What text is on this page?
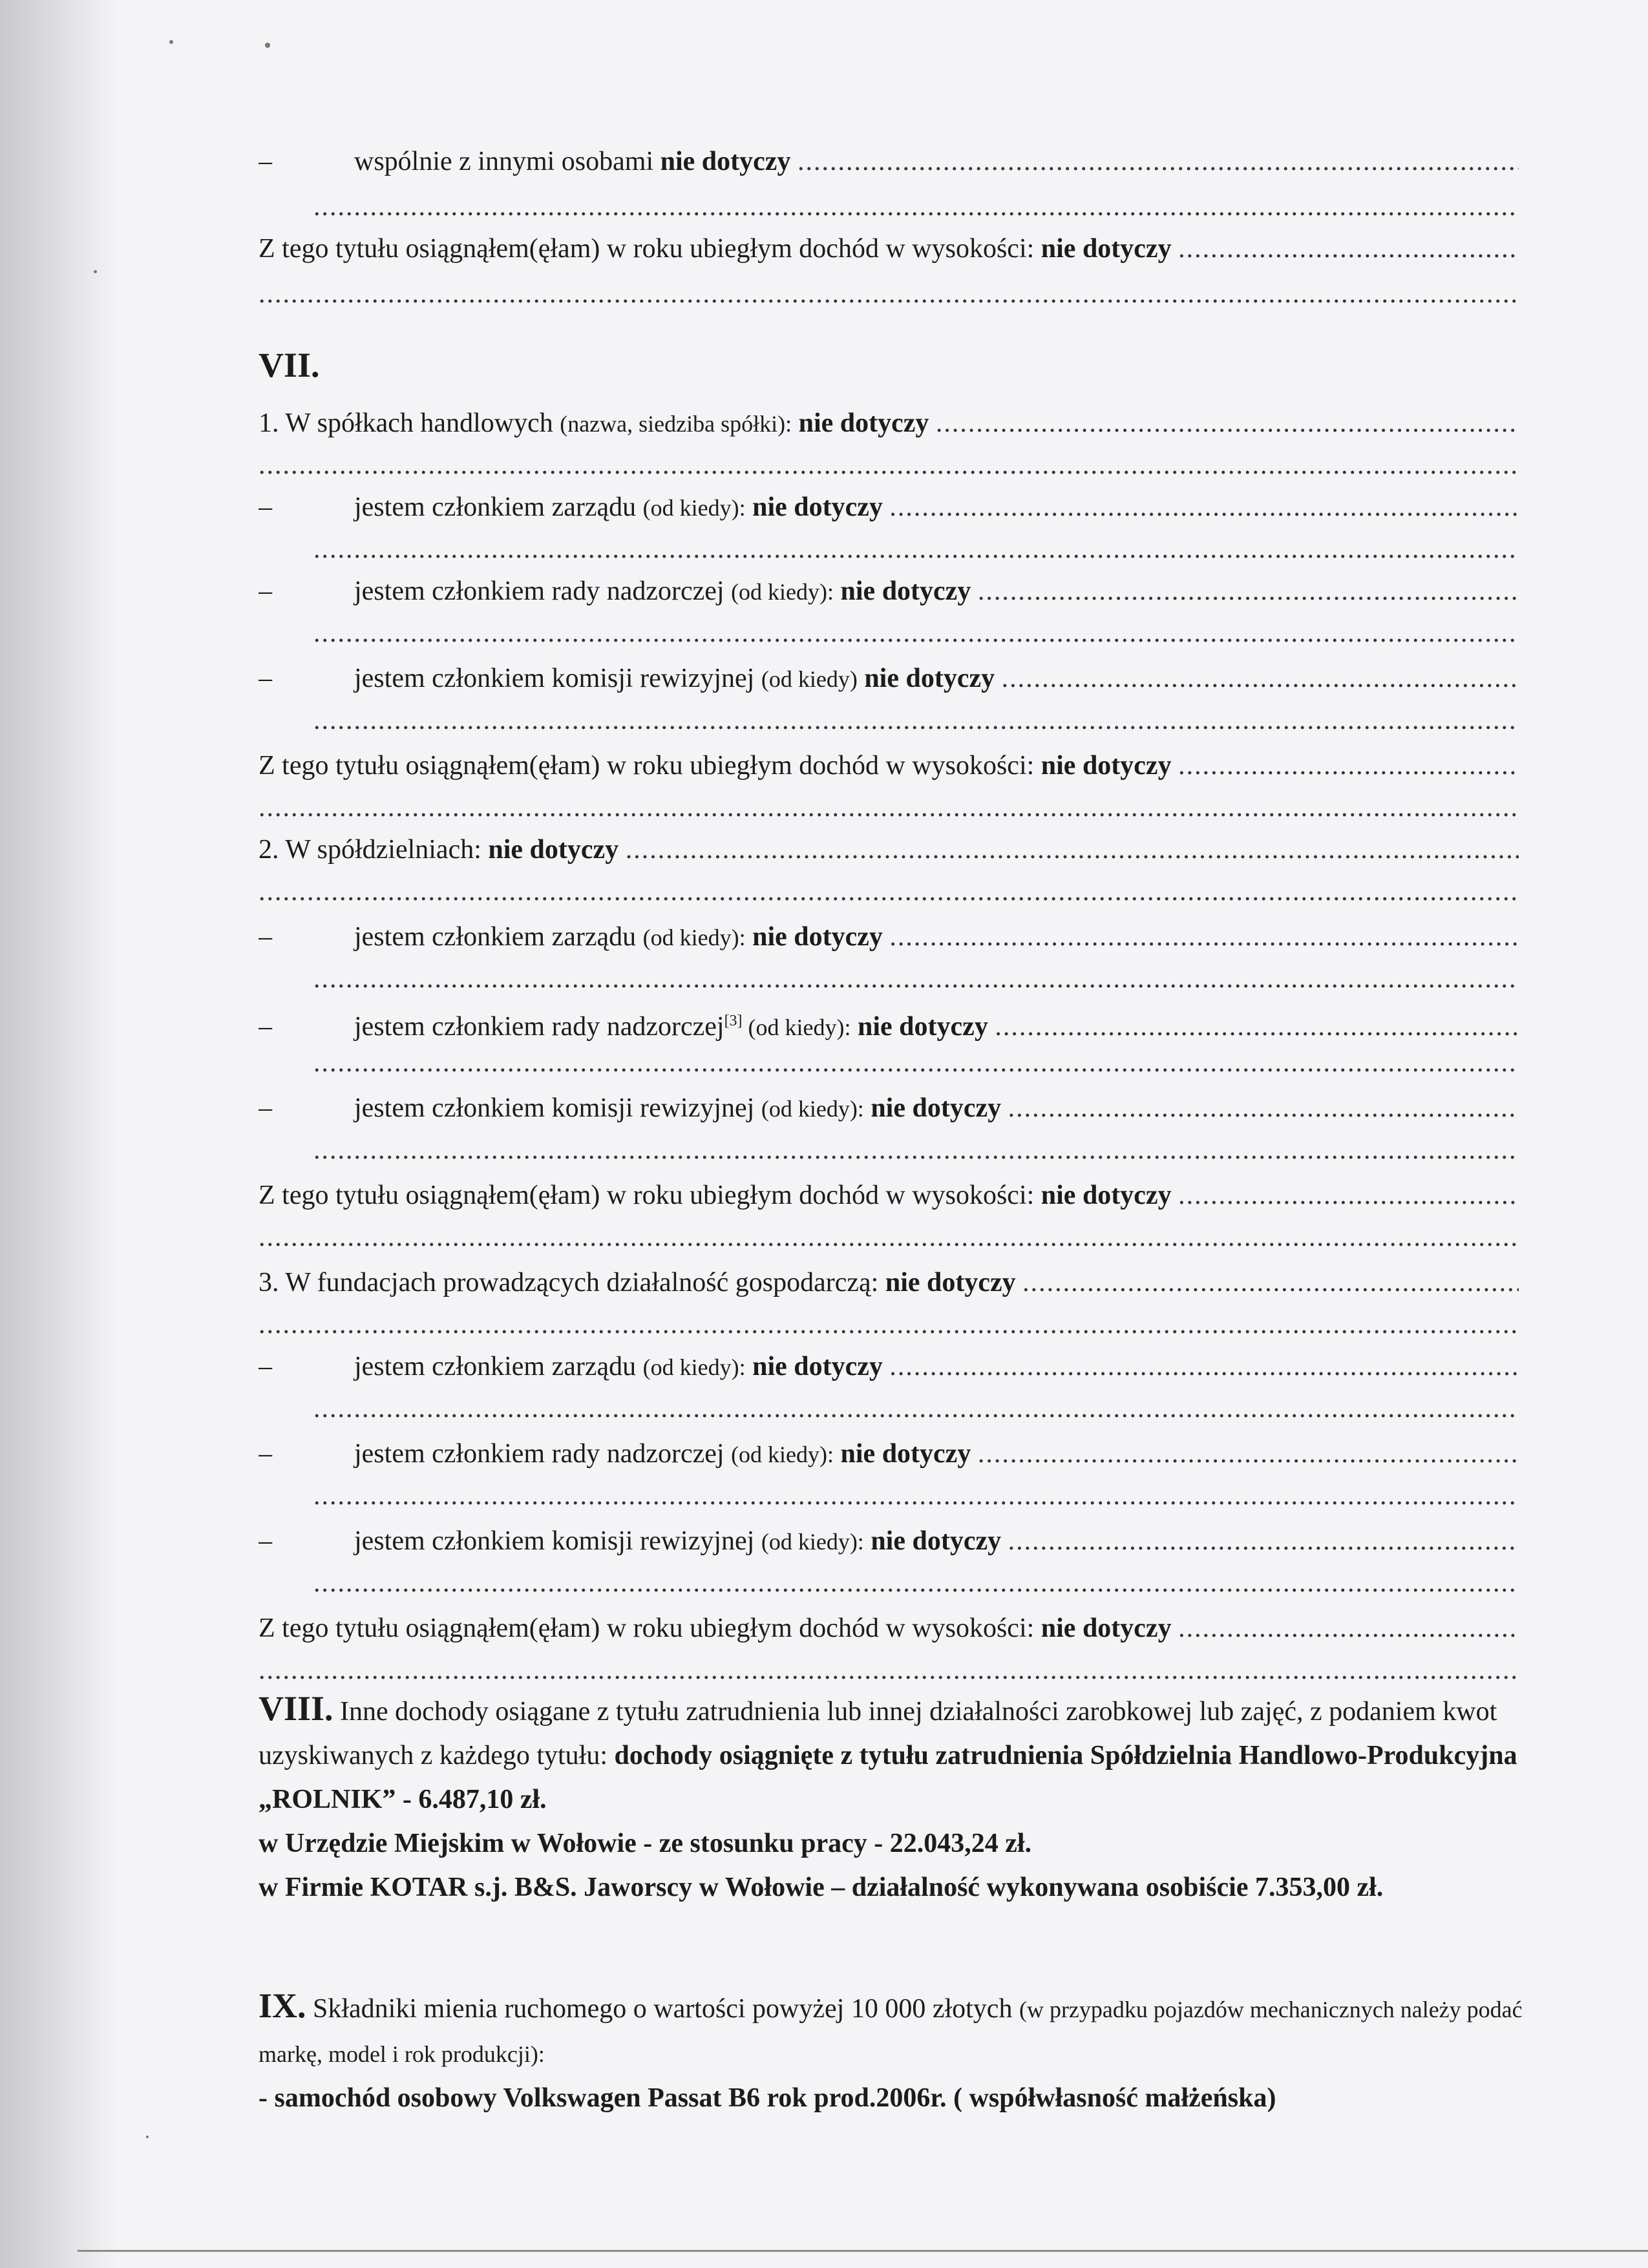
–	wspólnie z innymi osobami nie dotyczy .....
.....
Z tego tytułu osiągnąłem(ęłam) w roku ubiegłym dochód w wysokości: nie dotyczy .....
.....
VII.
1. W spółkach handlowych (nazwa, siedziba spółki): nie dotyczy .....
.....
–	jestem członkiem zarządu (od kiedy): nie dotyczy .....
.....
–	jestem członkiem rady nadzorczej (od kiedy): nie dotyczy .....
.....
–	jestem członkiem komisji rewizyjnej (od kiedy) nie dotyczy .....
.....
Z tego tytułu osiągnąłem(ęłam) w roku ubiegłym dochód w wysokości: nie dotyczy .....
.....
2. W spółdzielniach: nie dotyczy .....
.....
–	jestem członkiem zarządu (od kiedy): nie dotyczy .....
.....
–	jestem członkiem rady nadzorczej[3] (od kiedy): nie dotyczy .....
.....
–	jestem członkiem komisji rewizyjnej (od kiedy): nie dotyczy .....
.....
Z tego tytułu osiągnąłem(ęłam) w roku ubiegłym dochód w wysokości: nie dotyczy .....
.....
3. W fundacjach prowadzących działalność gospodarczą: nie dotyczy .....
.....
–	jestem członkiem zarządu (od kiedy): nie dotyczy .....
.....
–	jestem członkiem rady nadzorczej (od kiedy): nie dotyczy .....
.....
–	jestem członkiem komisji rewizyjnej (od kiedy): nie dotyczy .....
.....
Z tego tytułu osiągnąłem(ęłam) w roku ubiegłym dochód w wysokości: nie dotyczy .....
.....
VIII. Inne dochody osiągane z tytułu zatrudnienia lub innej działalności zarobkowej lub zajęć, z podaniem kwot uzyskiwanych z każdego tytułu: dochody osiągnięte z tytułu zatrudnienia Spółdzielnia Handlowo-Produkcyjna „ROLNIK” - 6.487,10 zł.
w Urzędzie Miejskim w Wołowie - ze stosunku pracy - 22.043,24 zł.
w Firmie KOTAR s.j. B&S. Jaworscy w Wołowie – działalność wykonywana osobiście 7.353,00 zł.
IX. Składniki mienia ruchomego o wartości powyżej 10 000 złotych (w przypadku pojazdów mechanicznych należy podać markę, model i rok produkcji):
- samochód osobowy Volkswagen Passat B6 rok prod.2006r. ( współwłasność małżeńska)
